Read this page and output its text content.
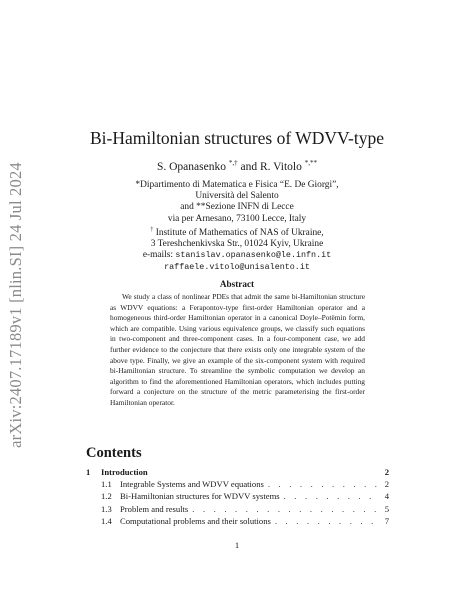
arXiv:2407.17189v1 [nlin.SI] 24 Jul 2024
Bi-Hamiltonian structures of WDVV-type
S. Opanasenko *,† and R. Vitolo *,**
*Dipartimento di Matematica e Fisica “E. De Giorgi”,
Università del Salento
and **Sezione INFN di Lecce
via per Arnesano, 73100 Lecce, Italy
† Institute of Mathematics of NAS of Ukraine,
3 Tereshchenkivska Str., 01024 Kyiv, Ukraine
e-mails: stanislav.opanasenko@le.infn.it
raffaele.vitolo@unisalento.it
Abstract

We study a class of nonlinear PDEs that admit the same bi-Hamiltonian structure as WDVV equations: a Ferapontov-type first-order Hamiltonian operator and a homogeneous third-order Hamiltonian operator in a canonical Doyle–Potëmin form, which are compatible. Using various equivalence groups, we classify such equations in two-component and three-component cases. In a four-component case, we add further evidence to the conjecture that there exists only one integrable system of the above type. Finally, we give an example of the six-component system with required bi-Hamiltonian structure. To streamline the symbolic computation we develop an algorithm to find the aforementioned Hamiltonian operators, which includes putting forward a conjecture on the structure of the metric parameterising the first-order Hamiltonian operator.

Contents
1	Introduction	2
1.1 Integrable Systems and WDVV equations . . .	2
1.2 Bi-Hamiltonian structures for WDVV systems . . .	4
1.3 Problem and results . . .	5
1.4 Computational problems and their solutions . . .	7
1
